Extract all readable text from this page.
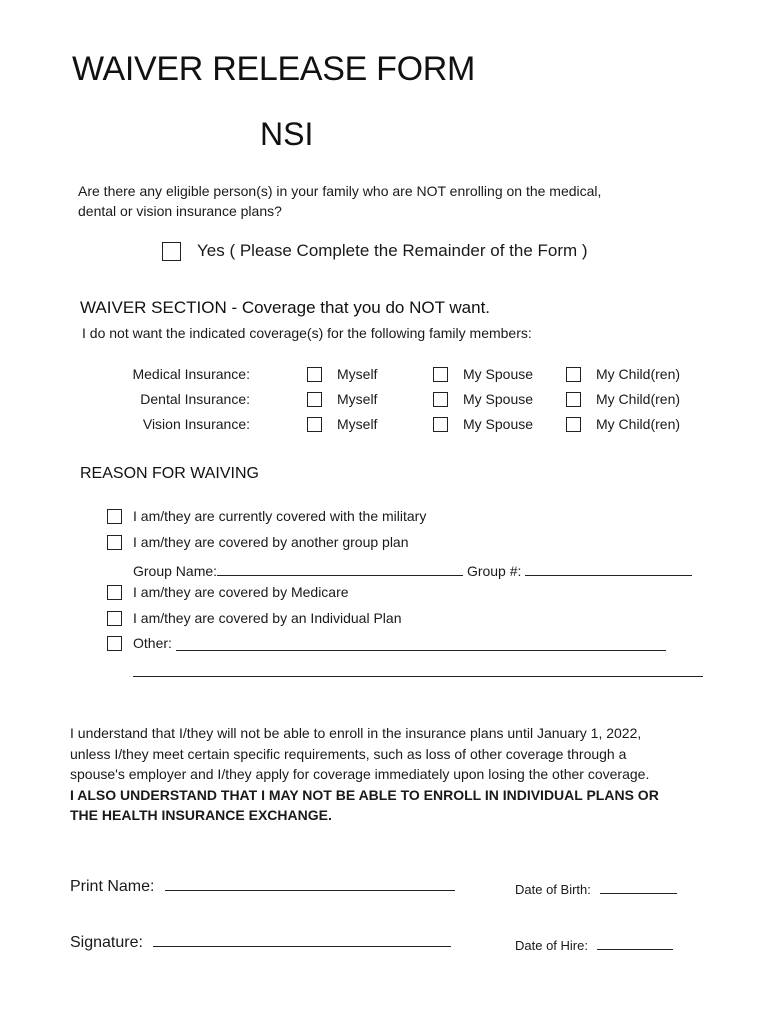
WAIVER RELEASE FORM
NSI
Are there any eligible person(s) in your family who are NOT enrolling on the medical,
dental or vision insurance plans?
Yes ( Please Complete the Remainder of the Form )
WAIVER SECTION - Coverage that you do NOT want.
I do not want the indicated coverage(s) for the following family members:
Medical Insurance:	Myself	My Spouse	My Child(ren)
Dental Insurance:	Myself	My Spouse	My Child(ren)
Vision Insurance:	Myself	My Spouse	My Child(ren)
REASON FOR WAIVING
I am/they are currently covered with the military
I am/they are covered by another group plan
Group Name:	Group #:
I am/they are covered by Medicare
I am/they are covered by an Individual Plan
Other:
I understand that I/they will not be able to enroll in the insurance plans until January 1, 2022,
unless I/they meet certain specific requirements, such as loss of other coverage through a
spouse's employer and I/they apply for coverage immediately upon losing the other coverage.
I ALSO UNDERSTAND THAT I MAY NOT BE ABLE TO ENROLL IN INDIVIDUAL PLANS OR
THE HEALTH INSURANCE EXCHANGE.
Print Name:	Date of Birth:
Signature:	Date of Hire:
